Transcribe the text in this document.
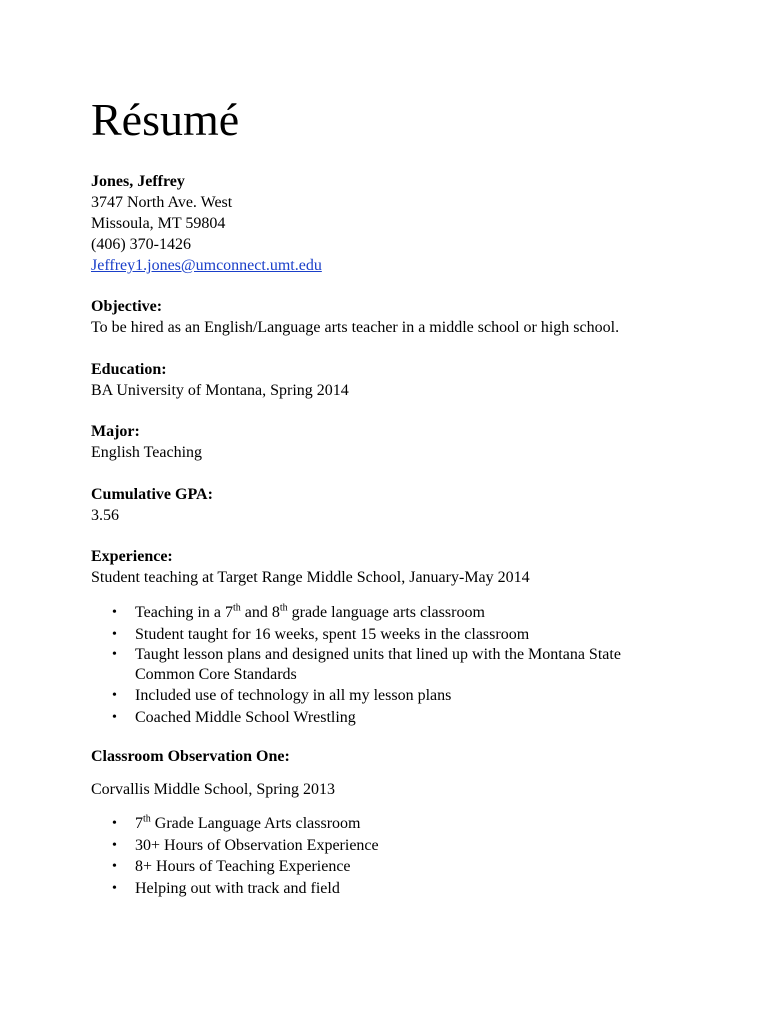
Résumé
Jones, Jeffrey
3747 North Ave. West
Missoula, MT 59804
(406) 370-1426
Jeffrey1.jones@umconnect.umt.edu
Objective:
To be hired as an English/Language arts teacher in a middle school or high school.
Education:
BA University of Montana, Spring 2014
Major:
English Teaching
Cumulative GPA:
3.56
Experience:
Student teaching at Target Range Middle School, January-May 2014
• Teaching in a 7th and 8th grade language arts classroom
• Student taught for 16 weeks, spent 15 weeks in the classroom
• Taught lesson plans and designed units that lined up with the Montana State
Common Core Standards
• Included use of technology in all my lesson plans
• Coached Middle School Wrestling
Classroom Observation One:
Corvallis Middle School, Spring 2013
• 7th Grade Language Arts classroom
• 30+ Hours of Observation Experience
• 8+ Hours of Teaching Experience
• Helping out with track and field
